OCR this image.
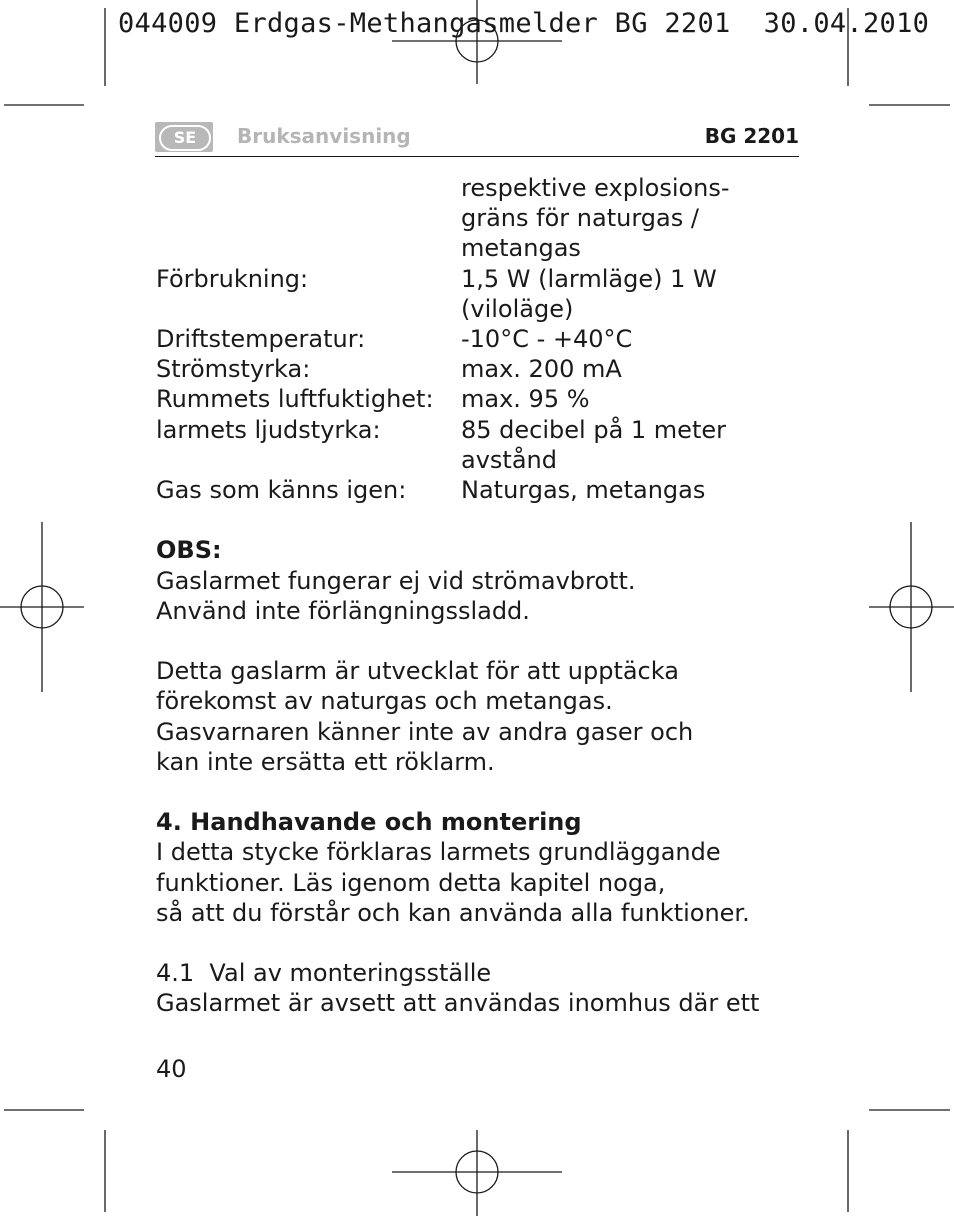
044009 Erdgas-Methangasmelder BG 2201  30.04.2010
SE	Bruksanvisning	BG 2201
respektive explosions-
gräns för naturgas /
metangas
Förbrukning:	1,5 W (larmläge) 1 W
(viloläge)
Driftstemperatur:	-10°C - +40°C
Strömstyrka:	max. 200 mA
Rummets luftfuktighet:	max. 95 %
larmets ljudstyrka:	85 decibel på 1 meter
avstånd
Gas som känns igen:	Naturgas, metangas
OBS:
Gaslarmet fungerar ej vid strömavbrott.
Använd inte förlängningssladd.
Detta gaslarm är utvecklat för att upptäcka
förekomst av naturgas och metangas.
Gasvarnaren känner inte av andra gaser och
kan inte ersätta ett röklarm.
4. Handhavande och montering
I detta stycke förklaras larmets grundläggande
funktioner. Läs igenom detta kapitel noga,
så att du förstår och kan använda alla funktioner.
4.1  Val av monteringsställe
Gaslarmet är avsett att användas inomhus där ett
40
